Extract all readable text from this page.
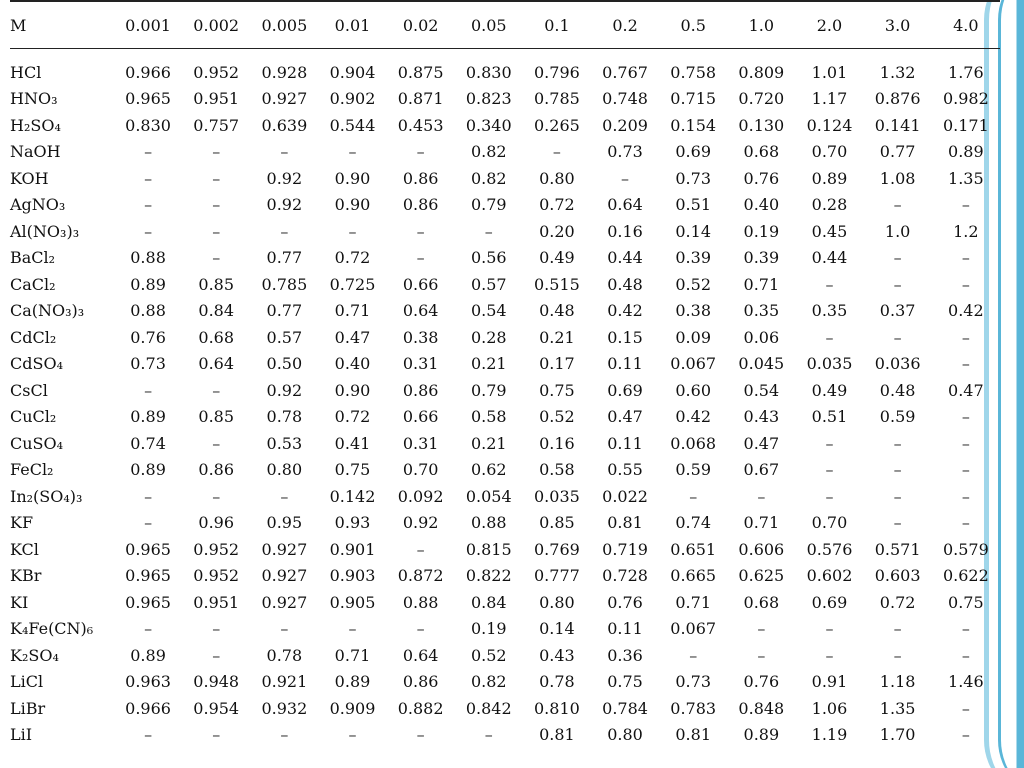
M	0.001	0.002	0.005	0.01	0.02	0.05	0.1	0.2	0.5	1.0	2.0	3.0	4.0

HCl	0.966	0.952	0.928	0.904	0.875	0.830	0.796	0.767	0.758	0.809	1.01	1.32	1.76
HNO₃	0.965	0.951	0.927	0.902	0.871	0.823	0.785	0.748	0.715	0.720	1.17	0.876	0.982
H₂SO₄	0.830	0.757	0.639	0.544	0.453	0.340	0.265	0.209	0.154	0.130	0.124	0.141	0.171
NaOH	–	–	–	–	–	0.82	–	0.73	0.69	0.68	0.70	0.77	0.89
KOH	–	–	0.92	0.90	0.86	0.82	0.80	–	0.73	0.76	0.89	1.08	1.35
AgNO₃	–	–	0.92	0.90	0.86	0.79	0.72	0.64	0.51	0.40	0.28	–	–
Al(NO₃)₃	–	–	–	–	–	–	0.20	0.16	0.14	0.19	0.45	1.0	1.2
BaCl₂	0.88	–	0.77	0.72	–	0.56	0.49	0.44	0.39	0.39	0.44	–	–
CaCl₂	0.89	0.85	0.785	0.725	0.66	0.57	0.515	0.48	0.52	0.71	–	–	–
Ca(NO₃)₃	0.88	0.84	0.77	0.71	0.64	0.54	0.48	0.42	0.38	0.35	0.35	0.37	0.42
CdCl₂	0.76	0.68	0.57	0.47	0.38	0.28	0.21	0.15	0.09	0.06	–	–	–
CdSO₄	0.73	0.64	0.50	0.40	0.31	0.21	0.17	0.11	0.067	0.045	0.035	0.036	–
CsCl	–	–	0.92	0.90	0.86	0.79	0.75	0.69	0.60	0.54	0.49	0.48	0.47
CuCl₂	0.89	0.85	0.78	0.72	0.66	0.58	0.52	0.47	0.42	0.43	0.51	0.59	–
CuSO₄	0.74	–	0.53	0.41	0.31	0.21	0.16	0.11	0.068	0.47	–	–	–
FeCl₂	0.89	0.86	0.80	0.75	0.70	0.62	0.58	0.55	0.59	0.67	–	–	–
In₂(SO₄)₃	–	–	–	0.142	0.092	0.054	0.035	0.022	–	–	–	–	–
KF	–	0.96	0.95	0.93	0.92	0.88	0.85	0.81	0.74	0.71	0.70	–	–
KCl	0.965	0.952	0.927	0.901	–	0.815	0.769	0.719	0.651	0.606	0.576	0.571	0.579
KBr	0.965	0.952	0.927	0.903	0.872	0.822	0.777	0.728	0.665	0.625	0.602	0.603	0.622
KI	0.965	0.951	0.927	0.905	0.88	0.84	0.80	0.76	0.71	0.68	0.69	0.72	0.75
K₄Fe(CN)₆	–	–	–	–	–	0.19	0.14	0.11	0.067	–	–	–	–
K₂SO₄	0.89	–	0.78	0.71	0.64	0.52	0.43	0.36	–	–	–	–	–
LiCl	0.963	0.948	0.921	0.89	0.86	0.82	0.78	0.75	0.73	0.76	0.91	1.18	1.46
LiBr	0.966	0.954	0.932	0.909	0.882	0.842	0.810	0.784	0.783	0.848	1.06	1.35	–
LiI	–	–	–	–	–	–	0.81	0.80	0.81	0.89	1.19	1.70	–
